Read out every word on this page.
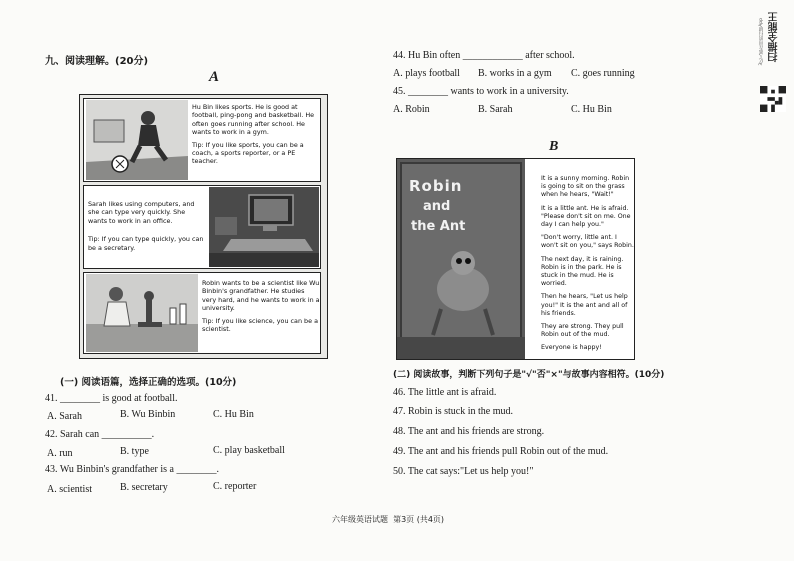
九、阅读理解。(20分)
A
Hu Bin likes sports. He is good at football, ping-pong and basketball. He often goes running after school. He wants to work in a gym.
Tip: If you like sports, you can be a coach, a sports reporter, or a PE teacher.
Sarah likes using computers, and she can type very quickly. She wants to work in an office.
Tip: If you can type quickly, you can be a secretary.
Robin wants to be a scientist like Wu Binbin's grandfather. He studies very hard, and he wants to work in a university.
Tip: If you like science, you can be a scientist.
(一) 阅读语篇，选择正确的选项。(10分)
41. ________ is good at football.
A. Sarah	B. Wu Binbin	C. Hu Bin
42. Sarah can __________.
A. run	B. type	C. play basketball
43. Wu Binbin's grandfather is a ________.
A. scientist	B. secretary	C. reporter
44. Hu Bin often ____________ after school.
A. plays football B. works in a gym C. goes running
45. ________ wants to work in a university.
A. Robin	B. Sarah	C. Hu Bin
B
Robin
and
the Ant

It is a sunny morning. Robin is going to sit on the grass when he hears, "Wait!"

It is a little ant. He is afraid. "Please don't sit on me. One day I can help you."

"Don't worry, little ant. I won't sit on you," says Robin.

The next day, it is raining. Robin is in the park. He is stuck in the mud. He is worried.

Then he hears, "Let us help you!" It is the ant and all of his friends.

They are strong. They pull Robin out of the mud.

Everyone is happy!

(二) 阅读故事，判断下列句子是"√"否"×"与故事内容相符。(10分)
46. The little ant is afraid.
47. Robin is stuck in the mud.
48. The ant and his friends are strong.
49. The ant and his friends pull Robin out of the mud.
50. The cat says:"Let us help you!"
六年级英语试题  第3页 (共4页)
扫描全能王
3亿人都在用的扫描App
